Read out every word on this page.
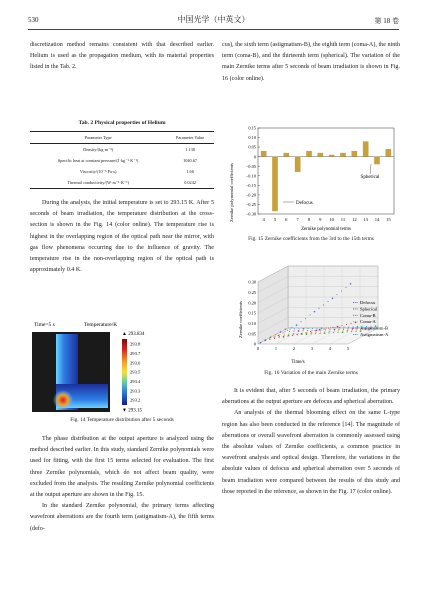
530	中国光学（中英文）	第 18 卷

discretization method remains consistent with that described earlier. Helium is used as the propagation medium, with its material properties listed in the Tab. 2.

Tab. 2 Physical properties of Helium
Parameter Type	Parameter Value
Density/(kg·m⁻³)	1.138
Specific heat at constant pressure/(J·kg⁻¹·K⁻¹)	1040.67
Viscosity/(10⁻⁵ Pa·s)	1.66
Thermal conductivity/(W·m⁻¹·K⁻¹)	0.0242

During the analysis, the initial temperature is set to 293.15 K. After 5 seconds of beam irradiation, the temperature distribution at the cross-section is shown in the Fig. 14 (color online). The temperature rise is highest in the overlapping region of the optical path near the mirror, with gas flow phenomena occurring due to the influence of gravity. The temperature rise in the non-overlapping region of the optical path is approximately 0.4 K.

Time=5 s	Temperature/K
▲ 293.834
293.8
293.7
293.6
293.5
293.4
293.3
293.2
▼ 293.15
Fig. 14 Temperature distribution after 5 seconds

The phase distribution at the output aperture is analyzed using the method described earlier. In this study, standard Zernike polynomials were used for fitting, with the first 15 terms selected for evaluation. The first three Zernike polynomials, which do not affect beam quality, were excluded from the analysis. The resulting Zernike polynomial coefficients at the output aperture are shown in the Fig. 15.

In the standard Zernike polynomial, the primary terms affecting wavefront aberrations are the fourth term (astigmatism-A), the fifth terms (defo-

cus), the sixth term (astigmatism-B), the eighth term (coma-A), the ninth term (coma-B), and the thirteenth term (spherical). The variation of the main Zernike terms after 5 seconds of beam irradiation is shown in Fig. 16 (color online).

0.15
0.10
0.05
0
−0.05
−0.10
−0.15
−0.20
−0.25
−0.30
4 5 6 7 8 9 10 11 12 13 14 15
Zernike polynomial coefficients
Zernike polynomial terms
Defocus
Spherical
Fig. 15 Zernike coefficients from the 3rd to the 15th terms
0
0.05
0.10
0.15
0.20
0.25
0.30
0	1	2	3	4	5
Defocus
Spherical
Coma-B
Coma-A
Astigmatism-B
Astigmatism-A
Zernike coefficients
Time/s
Fig. 16 Variation of the main Zernike terms

It is evident that, after 5 seconds of beam irradiation, the primary aberrations at the output aperture are defocus and spherical aberration.

An analysis of the thermal blooming effect on the same L-type region has also been conducted in the reference [14]. The magnitude of aberrations or overall wavefront aberration is commonly assessed using the absolute values of Zernike coefficients, a common practice in wavefront analysis and optical design. Therefore, the variations in the absolute values of defocus and spherical aberration over 5 seconds of beam irradiation were compared between the results of this study and those reported in the reference, as shown in the Fig. 17 (color online).
